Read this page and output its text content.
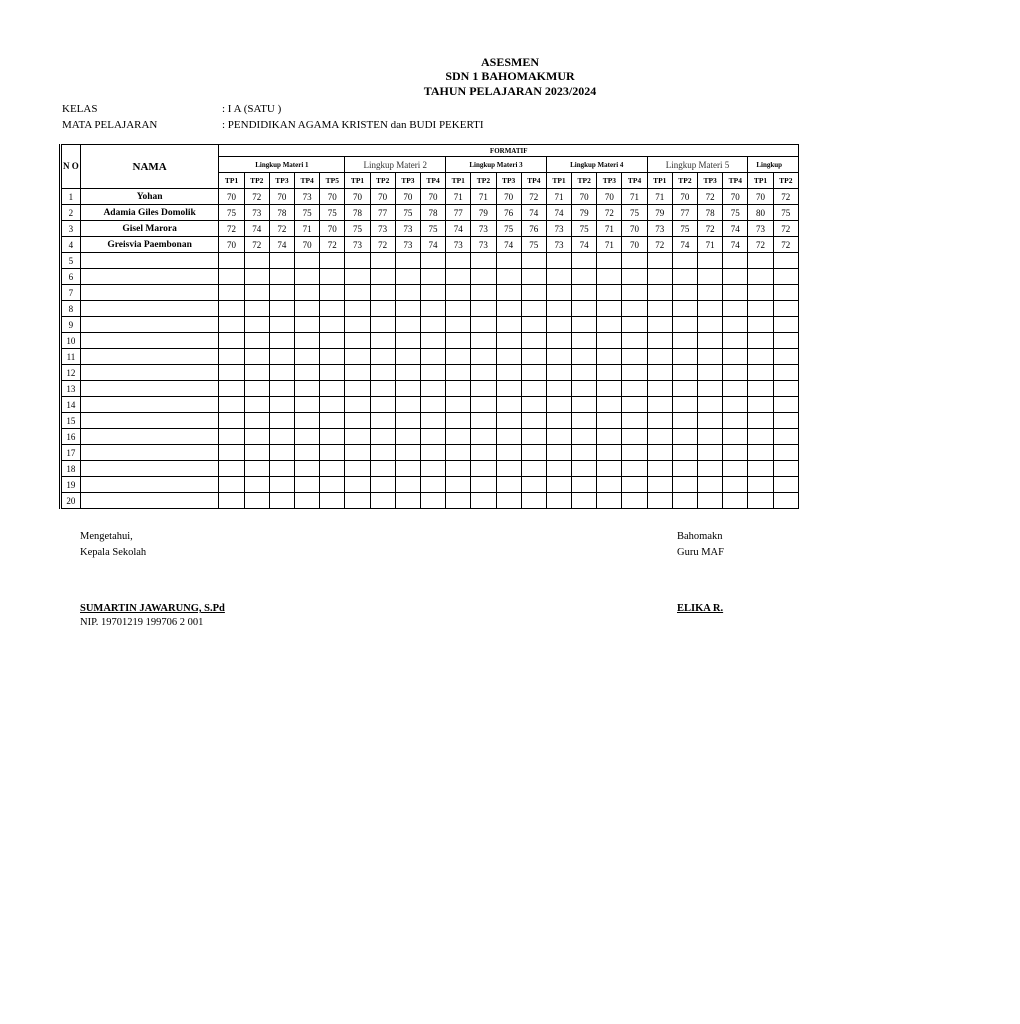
ASESMEN
SDN 1 BAHOMAKMUR
TAHUN PELAJARAN 2023/2024
KELAS	: I A (SATU )
MATA PELAJARAN	: PENDIDIKAN AGAMA KRISTEN dan BUDI PEKERTI
N O	NAMA	FORMATIF																						
		Lingkup Materi 1					Lingkup Materi 2				Lingkup Materi 3				Lingkup Materi 4				Lingkup Materi 5				Lingkup	
		TP1	TP2	TP3	TP4	TP5	TP1	TP2	TP3	TP4	TP1	TP2	TP3	TP4	TP1	TP2	TP3	TP4	TP1	TP2	TP3	TP4	TP1	TP2
1	Yohan	70	72	70	73	70	70	70	70	70	71	71	70	72	71	70	70	71	71	70	72	70	70	72
2	Adamia Giles Domolik	75	73	78	75	75	78	77	75	78	77	79	76	74	74	79	72	75	79	77	78	75	80	75
3	Gisel Marora	72	74	72	71	70	75	73	73	75	74	73	75	76	73	75	71	70	73	75	72	74	73	72
4	Greisvia Paembonan	70	72	74	70	72	73	72	73	74	73	73	74	75	73	74	71	70	72	74	71	74	72	72
5																								
6																								
7																								
8																								
9																								
10																								
11																								
12																								
13																								
14																								
15																								
16																								
17																								
18																								
19																								
20																								
Mengetahui,
Kepala Sekolah
SUMARTIN JAWARUNG, S.Pd
NIP. 19701219 199706 2 001
Bahomakn
Guru MAF
ELIKA R.
